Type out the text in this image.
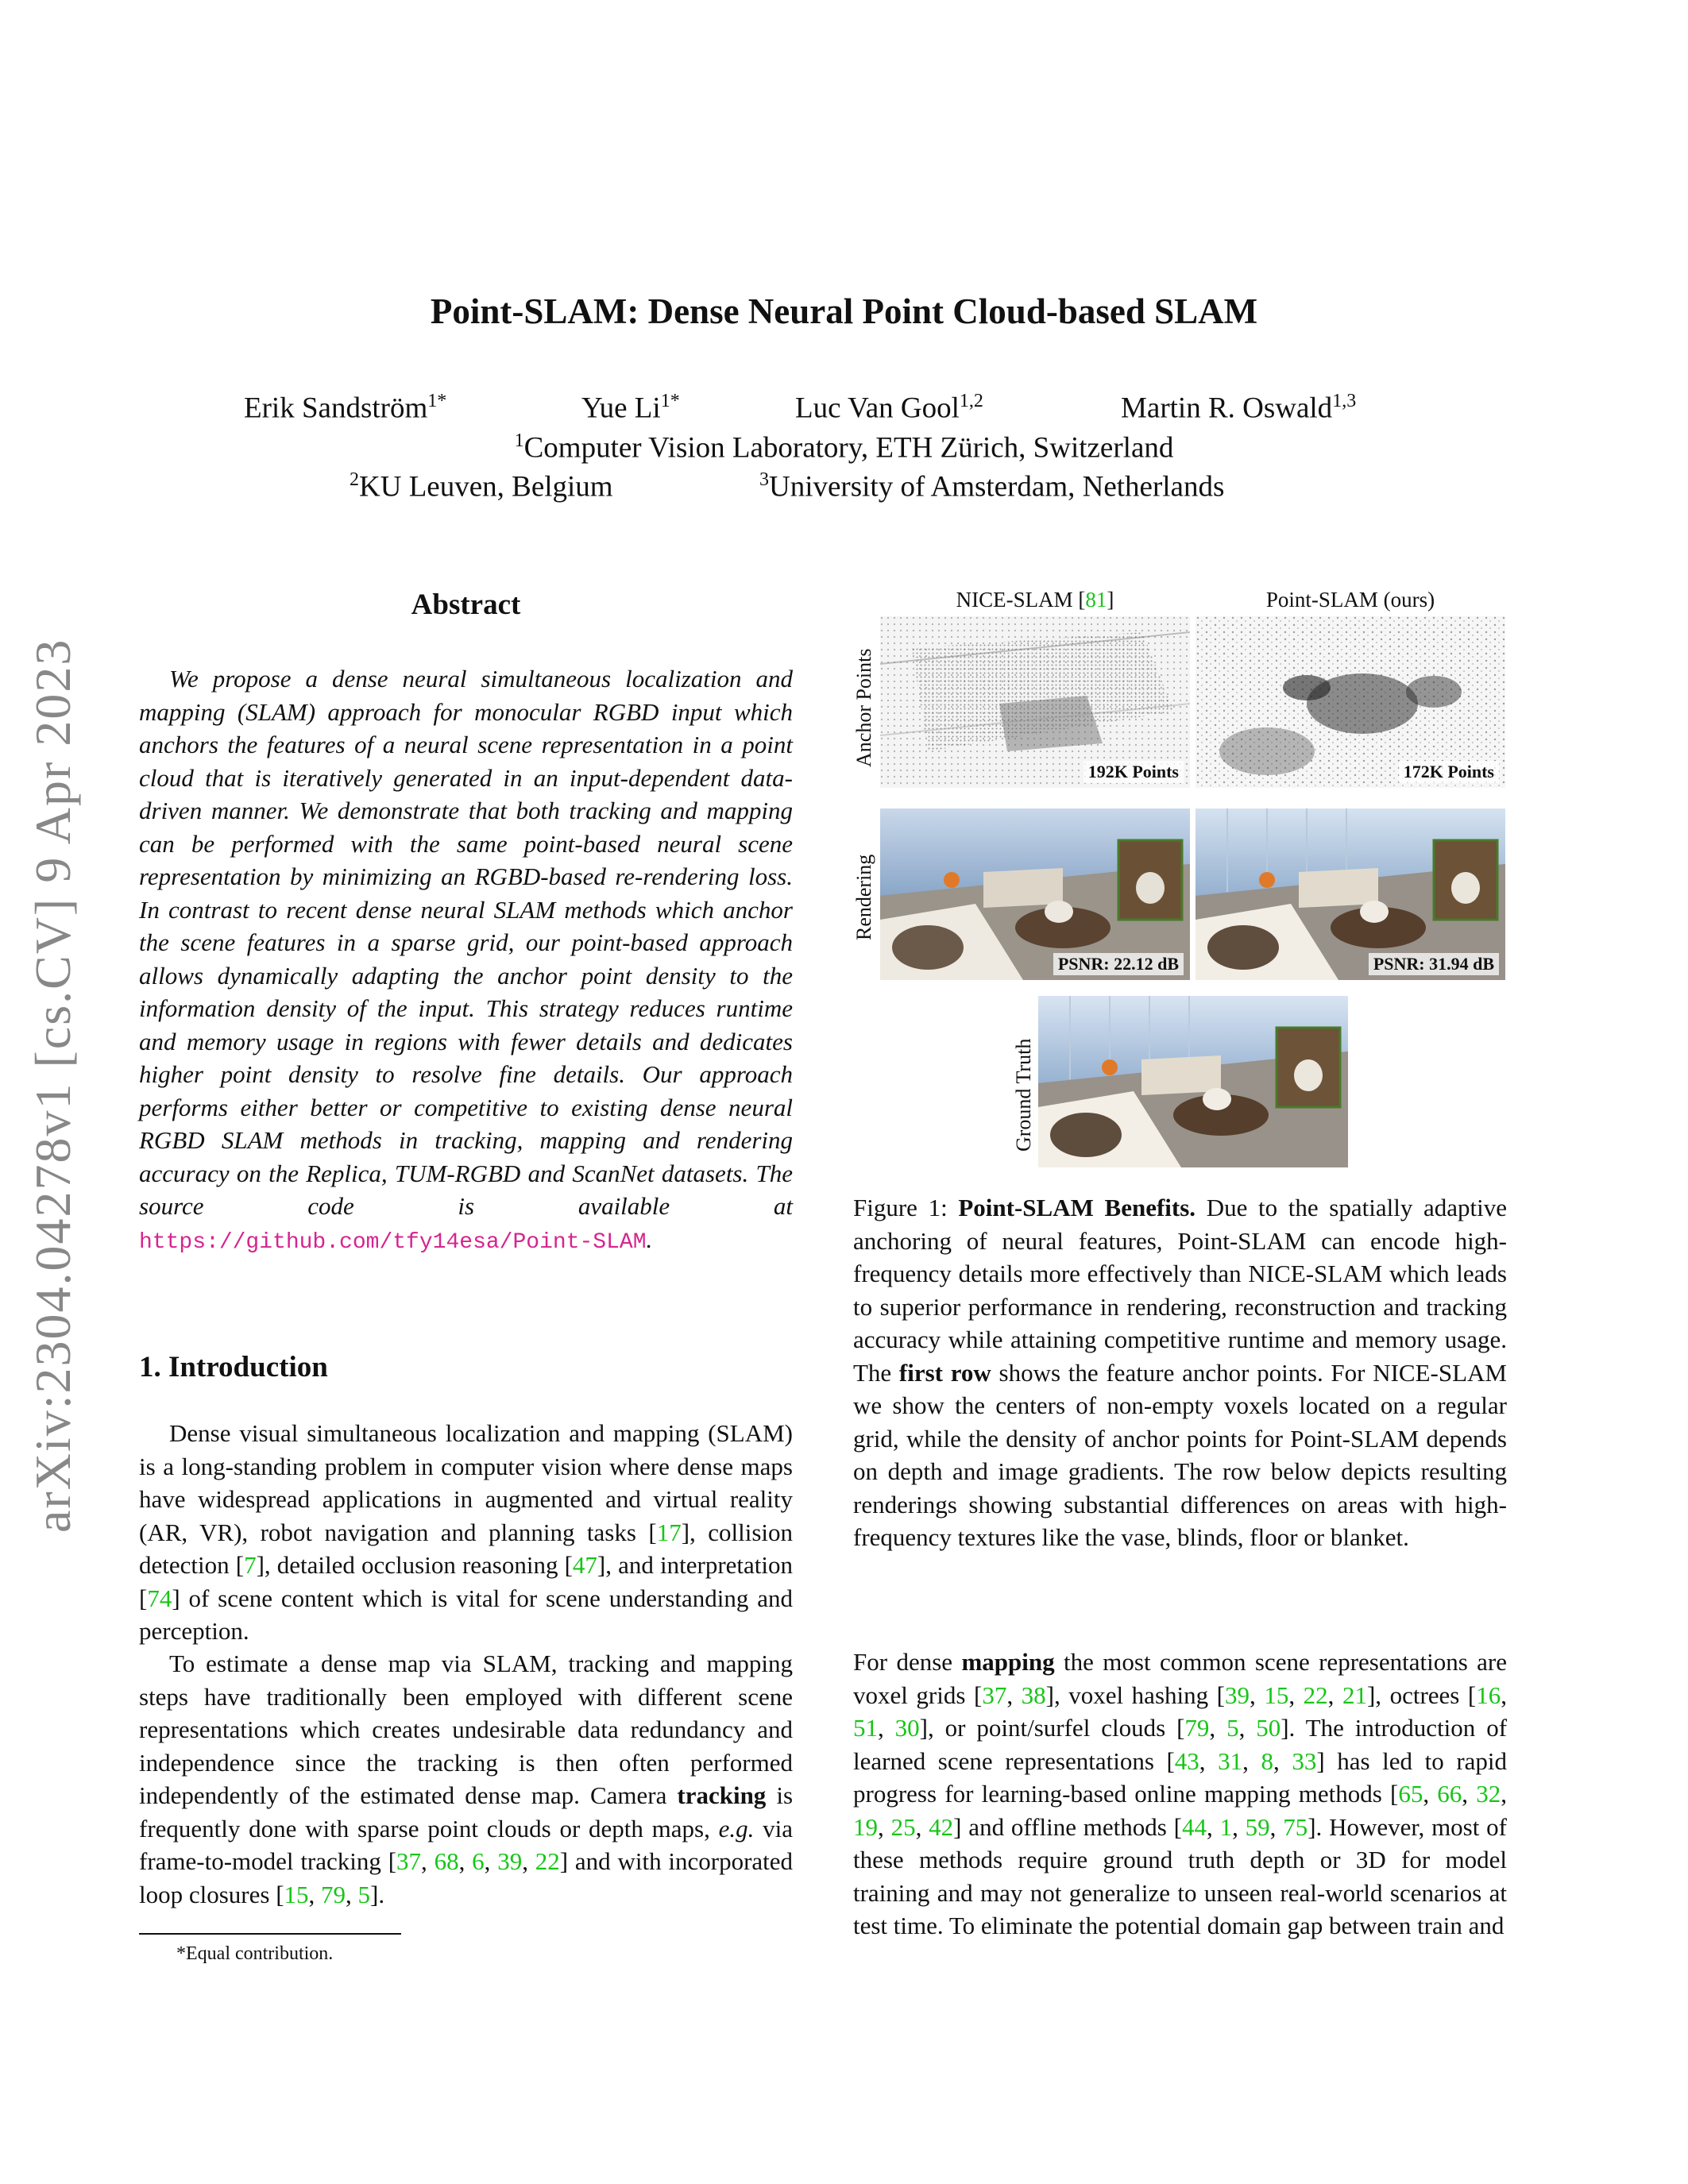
Point-SLAM: Dense Neural Point Cloud-based SLAM
Erik Sandström$^{1*}$	Yue $Li^{1*}$	Luc Van Gool$^{1,2}$	Martin R. Oswald$^{1,3}$
$^1$Computer Vision Laboratory, ETH Zürich, Switzerland
$^2$KU Leuven, Belgium	$^3$University of Amsterdam, Netherlands
arXiv:2304.04278v1 [cs.CV] 9 Apr 2023
Abstract
We propose a dense neural simultaneous localization and mapping (SLAM) approach for monocular RGBD input which anchors the features of a neural scene representation in a point cloud that is iteratively generated in an input-dependent data-driven manner. We demonstrate that both tracking and mapping can be performed with the same point-based neural scene representation by minimizing an RGBD-based re-rendering loss. In contrast to recent dense neural SLAM methods which anchor the scene features in a sparse grid, our point-based approach allows dynamically adapting the anchor point density to the information density of the input. This strategy reduces runtime and memory usage in regions with fewer details and dedicates higher point density to resolve fine details. Our approach performs either better or competitive to existing dense neural RGBD SLAM methods in tracking, mapping and rendering accuracy on the Replica, TUM-RGBD and ScanNet datasets. The source code is available at https://github.com/tfy14esa/Point-SLAM.
1. Introduction
Dense visual simultaneous localization and mapping (SLAM) is a long-standing problem in computer vision where dense maps have widespread applications in augmented and virtual reality (AR, VR), robot navigation and planning tasks [17], collision detection [7], detailed occlusion reasoning [47], and interpretation [74] of scene content which is vital for scene understanding and perception.
To estimate a dense map via SLAM, tracking and mapping steps have traditionally been employed with different scene representations which creates undesirable data redundancy and independence since the tracking is then often performed independently of the estimated dense map. Camera tracking is frequently done with sparse point clouds or depth maps, e.g. via frame-to-model tracking [37, 68, 6, 39, 22] and with incorporated loop closures [15, 79, 5].
*Equal contribution.
NICE-SLAM [81]	Point-SLAM (ours)
Anchor Points
Rendering
Ground Truth
192K Points	172K Points
PSNR: 22.12 dB	PSNR: 31.94 dB
Figure 1: Point-SLAM Benefits. Due to the spatially adaptive anchoring of neural features, Point-SLAM can encode high-frequency details more effectively than NICE-SLAM which leads to superior performance in rendering, reconstruction and tracking accuracy while attaining competitive runtime and memory usage. The first row shows the feature anchor points. For NICE-SLAM we show the centers of non-empty voxels located on a regular grid, while the density of anchor points for Point-SLAM depends on depth and image gradients. The row below depicts resulting renderings showing substantial differences on areas with high-frequency textures like the vase, blinds, floor or blanket.
For dense mapping the most common scene representations are voxel grids [37, 38], voxel hashing [39, 15, 22, 21], octrees [16, 51, 30], or point/surfel clouds [79, 5, 50]. The introduction of learned scene representations [43, 31, 8, 33] has led to rapid progress for learning-based online mapping methods [65, 66, 32, 19, 25, 42] and offline methods [44, 1, 59, 75]. However, most of these methods require ground truth depth or 3D for model training and may not generalize to unseen real-world scenarios at test time. To eliminate the potential domain gap between train and
